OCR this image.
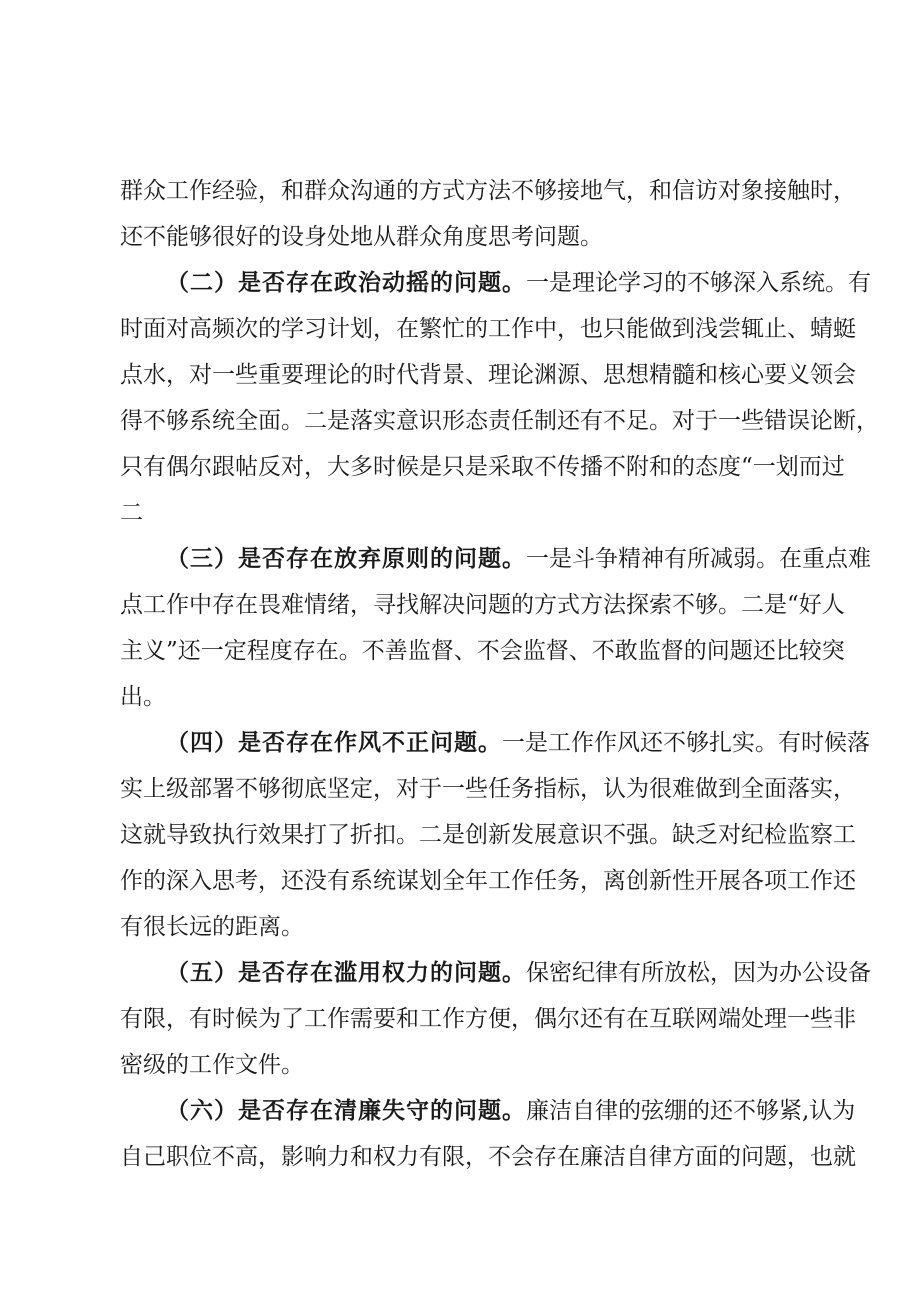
群众工作经验，和群众沟通的方式方法不够接地气，和信访对象接触时，
还不能够很好的设身处地从群众角度思考问题。
（二）是否存在政治动摇的问题。一是理论学习的不够深入系统。有
时面对高频次的学习计划，在繁忙的工作中，也只能做到浅尝辄止、蜻蜓
点水，对一些重要理论的时代背景、理论渊源、思想精髓和核心要义领会
得不够系统全面。二是落实意识形态责任制还有不足。对于一些错误论断，
只有偶尔跟帖反对，大多时候是只是采取不传播不附和的态度“一划而过
二
（三）是否存在放弃原则的问题。一是斗争精神有所减弱。在重点难
点工作中存在畏难情绪，寻找解决问题的方式方法探索不够。二是“好人
主义”还一定程度存在。不善监督、不会监督、不敢监督的问题还比较突
出。
（四）是否存在作风不正问题。一是工作作风还不够扎实。有时候落
实上级部署不够彻底坚定，对于一些任务指标，认为很难做到全面落实，
这就导致执行效果打了折扣。二是创新发展意识不强。缺乏对纪检监察工
作的深入思考，还没有系统谋划全年工作任务，离创新性开展各项工作还
有很长远的距离。
（五）是否存在滥用权力的问题。保密纪律有所放松，因为办公设备
有限，有时候为了工作需要和工作方便，偶尔还有在互联网端处理一些非
密级的工作文件。
（六）是否存在清廉失守的问题。廉洁自律的弦绷的还不够紧,认为
自己职位不高，影响力和权力有限，不会存在廉洁自律方面的问题，也就
